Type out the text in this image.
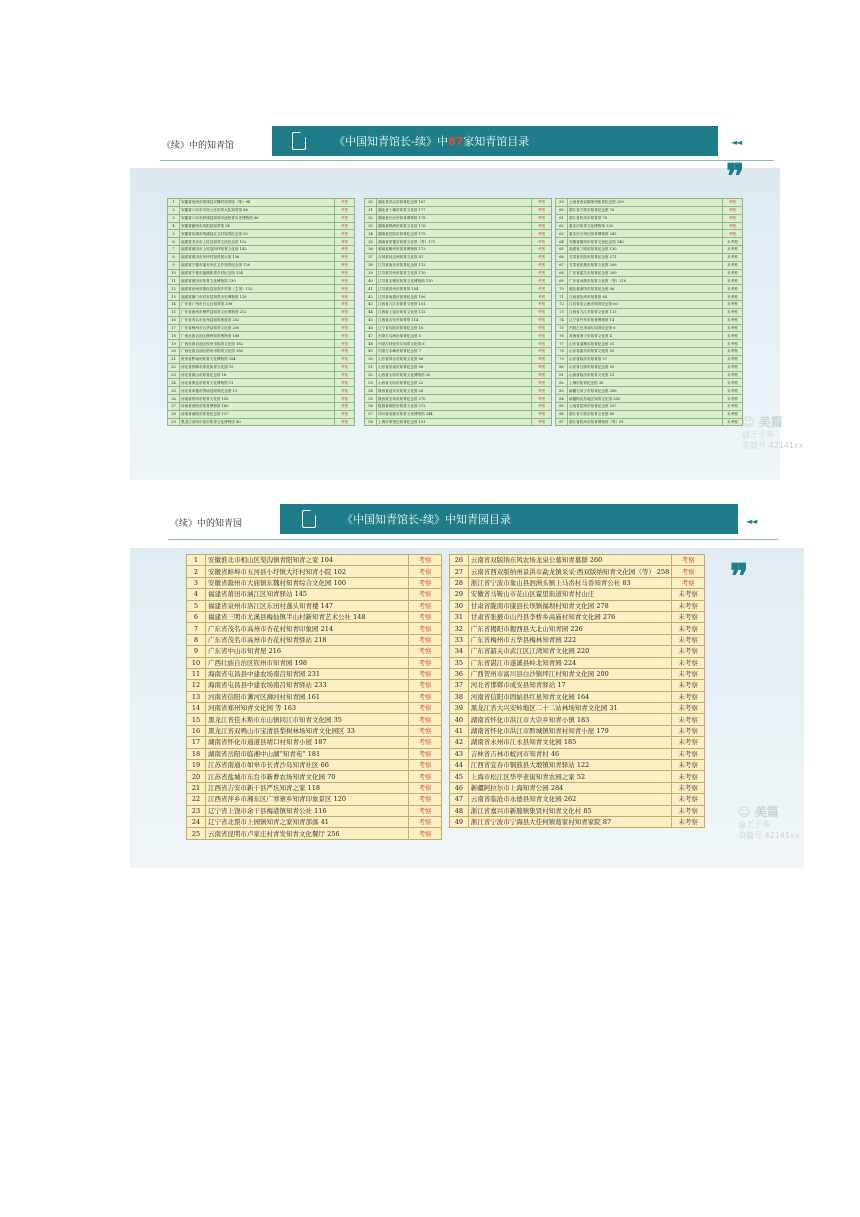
《续》中的知青馆	《中国知青馆长-续》中87家知青馆目录	◄◄
❞
1	安徽省亳州市蒙城县东魏村知青馆（等）98	考察
2	安徽省六安市平岗公社知青大队知青馆 86	考察
3	安徽省六安市舒城县知青印迹知青历史博物馆 86	考察
4	安徽省滁州市凤阳县知青馆 94	考察
5	安徽省宣城市绩溪县红卫村知青纪念馆 92	考察
6	福建省龙岩市上杭县知青文化纪念馆 132	考察
7	福建省莆田市上杭县四坪知青文化馆 142	考察
8	福建省莆田市东坪村知青展示馆 136	考察
9	福建省宁德市福安市红卫乡知青纪念馆 120	考察
10	福建省宁德市福鼎知青乡村纪念馆 134	考察
11	福建省莆田市知青文化博物馆 130	考察
12	福建省泉州市德化县知青乡村馆（主馆）132	考察
13	福建省厦门市同安县知青历史博物馆 128	考察
14	广东省广州市白云区知青馆 208	考察
15	广东省惠州市博罗县知青文化博物馆 212	考察
16	广东省茂名市化州县知青展览馆 202	考察
17	广东省梅州市五华县知青文化馆 200	考察
18	广西壮族自治区柳州知青博物馆 188	考察
19	广西壮族自治区钦州市知青文化馆 182	考察
20	广西壮族自治区梧州市知青文化馆 180	考察
21	贵州省黔南州知青文化博物馆 184	考察
22	河北省邯郸市涉县知青文化园 15	考察
23	河北省唐山市知青纪念馆 18	考察
24	河北省保定市知青文化博物馆 11	考察
25	河北省承德市围场县知青纪念馆 13	考察
26	河南省郑州市知青文化馆 150	考察
27	河南省洛阳市知青博物馆 160	考察
28	河南省南阳市知青纪念馆 157	考察
29	黑龙江省哈尔滨市知青文化博物馆 40	考察
30	湖北省武汉市知青纪念馆 167	考察
31	湖北省十堰市知青文化馆 177	考察
32	湖南省长沙市知青博物馆 178	考察
33	湖南省株洲市知青文化馆 176	考察
34	湖南省岳阳市知青纪念馆 175	考察
35	湖南省常德市知青文化馆（等）171	考察
36	湖南省郴州市知青博物馆 173	考察
37	吉林省延边州知青文化馆 41	考察
38	江苏省南京市知青纪念馆 112	考察
39	江苏省苏州市知青文化馆 110	考察
40	江苏省无锡市知青文化博物馆 110	考察
41	江苏省常州市知青馆 104	考察
42	江苏省南通市知青纪念馆 106	考察
43	江西省九江市知青文化馆 101	考察
44	江西省上饶市知青文化馆 112	考察
45	江西省吉安市知青馆 114	考察
46	辽宁省沈阳市知青纪念馆 16	考察
47	内蒙古乌海市知青纪念馆 5	考察
48	内蒙古呼伦贝尔知青文化园 6	考察
49	内蒙古赤峰市知青纪念馆 7	考察
50	山东省青岛市知青文化馆 56	考察
51	山东省济南市知青纪念馆 58	考察
52	山西省太原市知青文化博物馆 20	考察
53	山西省大同市知青纪念馆 22	考察
54	陕西省延安市知青文化园 26	考察
55	陕西省宝鸡市知青纪念馆 270	考察
56	陕西省咸阳市知青文化馆 272	考察
57	四川省成都市知青文化博物馆 244	考察
58	上海市奉贤区知青纪念馆 151	考察
59	云南省西双版纳州知青纪念馆 259	考察
60	浙江省宁波市知青纪念馆 76	考察
61	浙江省杭州市知青馆 78	考察
62	重庆市知青文化博物馆 230	考察
63	重庆市万州区知青博物馆 242	考察
64	安徽省滁州市知青文化纪念馆 146	未考察
65	福建省三明市知青纪念馆 130	未考察
66	甘肃省庆阳市知青纪念馆 271	未考察
67	甘肃省张掖市知青文化馆 209	未考察
68	广东省韶关市知青纪念馆 209	未考察
69	广东省河源市知青文化馆（等）210	未考察
70	湖北省黄冈市知青纪念馆 56	未考察
71	江西省抚州市知青馆 64	未考察
72	江苏省连云港市知青纪念馆 60	未考察
73	江西省九江市知青文化馆 113	未考察
74	辽宁省丹东市知青博物馆 14	未考察
75	内蒙古巴彦淖尔知青纪念馆 8	未考察
76	青海省西宁市知青文化馆 4	未考察
77	山东省淄博市知青纪念馆 51	未考察
78	山东省潍坊市知青文化馆 55	未考察
79	山东省临沂市知青馆 57	未考察
80	山东省日照市知青纪念馆 59	未考察
81	山西省临汾市知青文化馆 21	未考察
82	上海市知青纪念馆 30	未考察
83	新疆石河子市知青纪念馆 286	未考察
84	新疆阿克苏地区知青文化馆 282	未考察
85	云南省昆明市知青纪念馆 257	未考察
86	浙江省宁波市知青文化馆 80	未考察
87	浙江省杭州市知青博物馆（等）81	未考察	☺ 美篇
@王子华
美篇号 42141xx
《续》中的知青园	《中国知青馆长-续》中知青园目录	◄◄
❞
1	安徽淮北市相山区渠沟镇青阳知青之家 104	考察
2	安徽省蚌埠市五河县小圩镇大圩村知青小院 102	考察
3	安徽省滁州市大庙镇东魏村知青综合文化园 100	考察
4	福建省莆田市涵江区知青驿站 145	考察
5	福建省泉州市洛江区东田村蓬头知青楼 147	考察
6	福建省三明市尤溪县梅仙镇半山村新知青艺术公社 148	考察
7	广东省茂名市高州市杏花村知青印象园 214	考察
8	广东省茂名市高州市杏花村知青驿站 218	考察
9	广东省中山市知青屋 216	考察
10	广西壮族自治区钦州市知青园 198	考察
11	海南省屯昌县中建农场南吕知青园 231	考察
12	海南省屯昌县中建农场南吕知青驿站 233	考察
13	河南省信阳市浉河区浉河村知青园 161	考察
14	河南省郑州知青文化园 等 163	考察
15	黑龙江省佳木斯市东山镇同江市知青文化园 35	考察
16	黑龙江省双鸭山市宝清县梨树林场知青文化园区 33	考察
17	湖南省怀化市通道县靖口村知青小屋 187	考察
18	湖南省岳阳市临湘中山湖“知青苑” 181	考察
19	江苏省南通市如皋市长青沙岛知青社区 66	考察
20	江苏省盐城市东台市新曹农场知青文化园 70	考察
21	江西省吉安市新干县严坑知青之家 118	考察
22	江西省萍乡市湘东区广寒寨乡知青印象景区 120	考察
23	辽宁省上饶市余干县梅港镇知青公社 116	考察
24	辽宁省北票市上园镇知青之家知青部落 41	考察
25	云南省昆明市卢家庄村青发知青文化餐厅 256	考察
26	云南省双版纳东风农场龙泉公墓知青墓群 260	考察
27	云南省西双版纳州景洪市勐龙镇采采·西双版纳知青文化园（等） 258	考察
28	浙江省宁波市象山县泗洲头镇上马岙村马岙知青公社 83	考察
29	安徽省马鞍山市花山区霍里街道知青村山庄	未考察
30	甘肃省陇南市康县长坝镇福坝村知青文化园 278	未考察
31	甘肃省张掖市山丹县李桥乡高庙村知青文化园 276	未考察
32	广东省揭阳市揭西县大北山知青园 226	未考察
33	广东省梅州市五华县梅林知青园 222	未考察
34	广东省韶关市武江区江湾知青文化园 220	未考察
35	广东省湛江市遂溪县岭北知青园 224	未考察
36	广西贺州市富川县白沙镇坪江村知青文化园 200	未考察
37	河北省邯郸市成安县知青驿站 17	未考察
38	河南省信阳市固始县红星知青文化园 164	未考察
39	黑龙江省大兴安岭地区二十二站林场知青文化园 31	未考察
40	湖南省怀化市洪江市大崇乡知青小镇 183	未考察
41	湖南省怀化市洪江市黔城镇知青村知青小屋 179	未考察
42	湖南省永州市江永县知青文化园 185	未考察
43	吉林省吉林市蛟河市知青村 46	未考察
44	江西省宜春市铜鼓县大塅镇知青驿站 122	未考察
45	上海市松江区华亭老街知青农园之家 52	未考察
46	新疆阿拉尔市上海知青公园 284	未考察
47	云南省临沧市永德县知青文化园 262	未考察
48	浙江省嘉兴市新塍镇集贤村知青文化村 85	未考察
49	浙江省宁波市宁海县大佳何镇葛家村知青家院 87	未考察
☺ 美篇
@王子华
美篇号 42141xx
